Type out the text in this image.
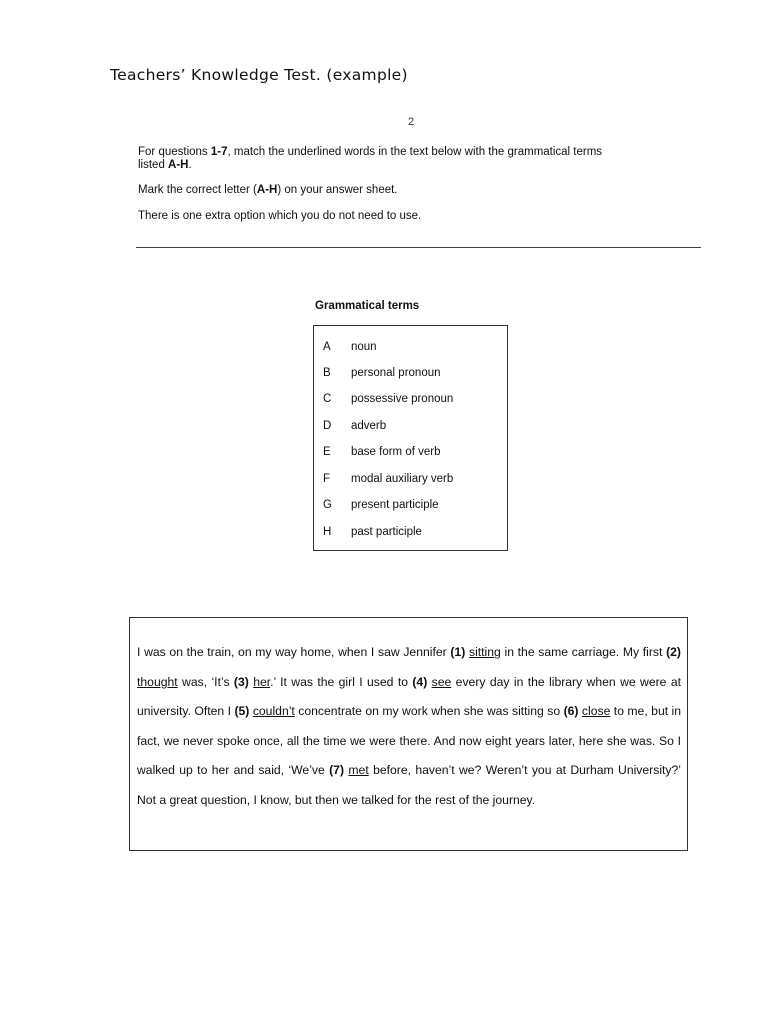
Teachers’ Knowledge Test. (example)
2
For questions 1-7, match the underlined words in the text below with the grammatical terms
listed A-H.
Mark the correct letter (A-H) on your answer sheet.
There is one extra option which you do not need to use.
Grammatical terms
A	noun
B	personal pronoun
C	possessive pronoun
D	adverb
E	base form of verb
F	modal auxiliary verb
G	present participle
H	past participle

I was on the train, on my way home, when I saw Jennifer (1) sitting in the same carriage. My first (2) thought was, ‘It’s (3) her.’ It was the girl I used to (4) see every day in the library when we were at university. Often I (5) couldn’t concentrate on my work when she was sitting so (6) close to me, but in fact, we never spoke once, all the time we were there. And now eight years later, here she was. So I walked up to her and said, ‘We’ve (7) met before, haven’t we? Weren’t you at Durham University?’ Not a great question, I know, but then we talked for the rest of the journey.
